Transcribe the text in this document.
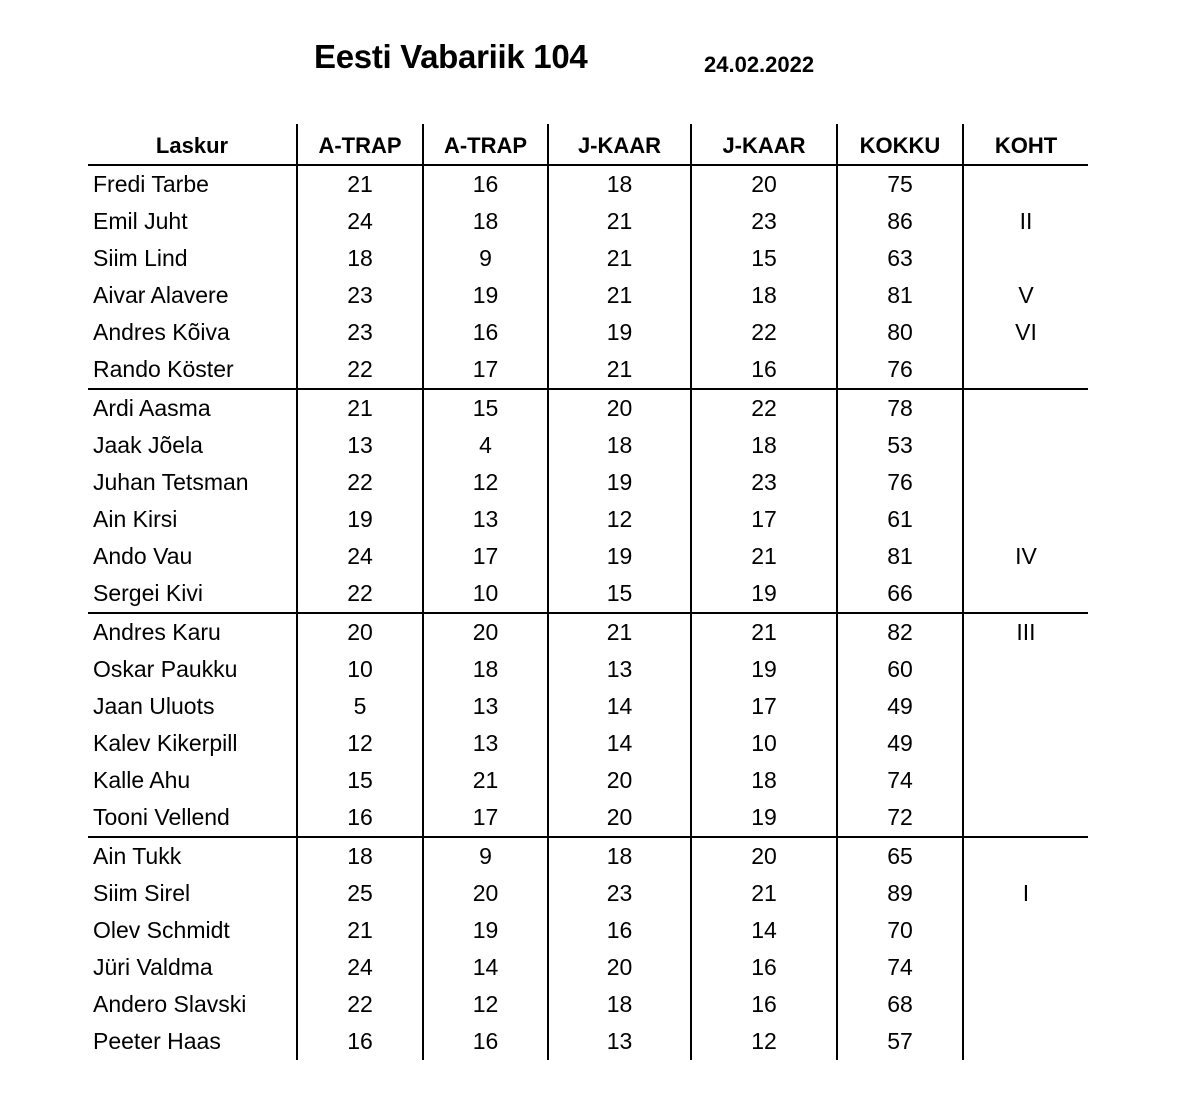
Eesti Vabariik 104	24.02.2022
Laskur	A-TRAP	A-TRAP	J-KAAR	J-KAAR	KOKKU	KOHT
Fredi Tarbe	21	16	18	20	75	
Emil Juht	24	18	21	23	86	II
Siim Lind	18	9	21	15	63	
Aivar Alavere	23	19	21	18	81	V
Andres Kõiva	23	16	19	22	80	VI
Rando Köster	22	17	21	16	76	
Ardi Aasma	21	15	20	22	78	
Jaak Jõela	13	4	18	18	53	
Juhan Tetsman	22	12	19	23	76	
Ain Kirsi	19	13	12	17	61	
Ando Vau	24	17	19	21	81	IV
Sergei Kivi	22	10	15	19	66	
Andres Karu	20	20	21	21	82	III
Oskar Paukku	10	18	13	19	60	
Jaan Uluots	5	13	14	17	49	
Kalev Kikerpill	12	13	14	10	49	
Kalle Ahu	15	21	20	18	74	
Tooni Vellend	16	17	20	19	72	
Ain Tukk	18	9	18	20	65	
Siim Sirel	25	20	23	21	89	I
Olev Schmidt	21	19	16	14	70	
Jüri Valdma	24	14	20	16	74	
Andero Slavski	22	12	18	16	68	
Peeter Haas	16	16	13	12	57	
